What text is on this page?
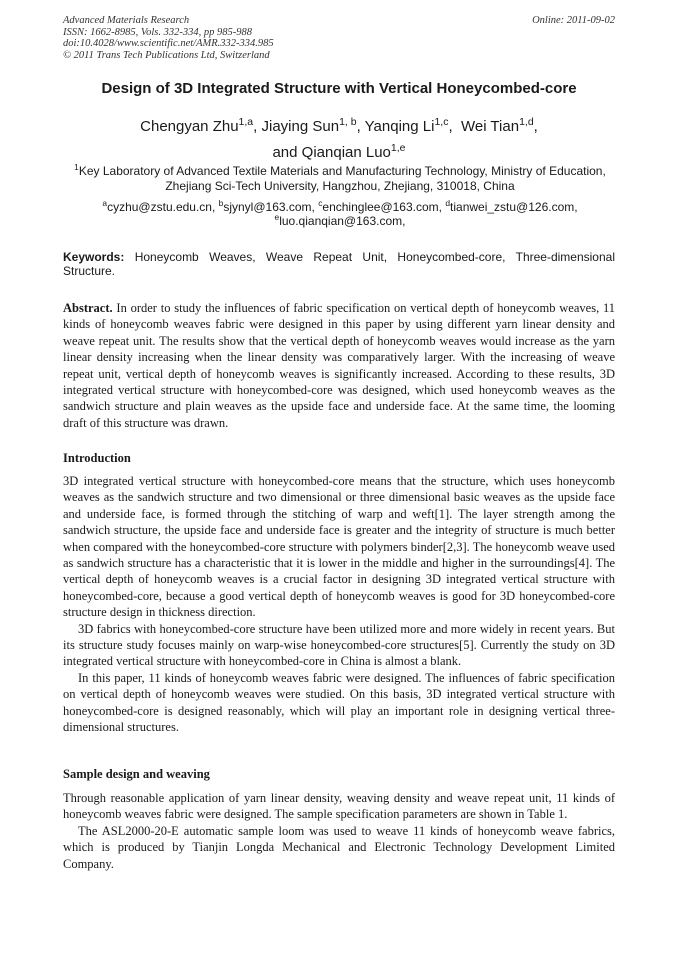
Advanced Materials Research
ISSN: 1662-8985, Vols. 332-334, pp 985-988
doi:10.4028/www.scientific.net/AMR.332-334.985
© 2011 Trans Tech Publications Ltd, Switzerland
Online: 2011-09-02
Design of 3D Integrated Structure with Vertical Honeycombed-core
Chengyan Zhu$^{1,a}$, Jiaying Sun$^{1, b}$, Yanqing Li$^{1,c}$,  Wei Tian$^{1,d}$,
and Qianqian Luo$^{1,e}$
$^1$Key Laboratory of Advanced Textile Materials and Manufacturing Technology, Ministry of Education,
Zhejiang Sci-Tech University, Hangzhou, Zhejiang, 310018, China
$^a$cyzhu@zstu.edu.cn, $^b$sjynyl@163.com, $^c$enchinglee@163.com, $^d$tianwei_zstu@126.com,
$^e$luo.qianqian@163.com,
Keywords: Honeycomb Weaves, Weave Repeat Unit, Honeycombed-core, Three-dimensional Structure.

Abstract. In order to study the influences of fabric specification on vertical depth of honeycomb weaves, 11 kinds of honeycomb weaves fabric were designed in this paper by using different yarn linear density and weave repeat unit. The results show that the vertical depth of honeycomb weaves would increase as the yarn linear density increasing when the linear density was comparatively larger. With the increasing of weave repeat unit, vertical depth of honeycomb weaves is significantly increased. According to these results, 3D integrated vertical structure with honeycombed-core was designed, which used honeycomb weaves as the sandwich structure and plain weaves as the upside face and underside face. At the same time, the looming draft of this structure was drawn.

Introduction

3D integrated vertical structure with honeycombed-core means that the structure, which uses honeycomb weaves as the sandwich structure and two dimensional or three dimensional basic weaves as the upside face and underside face, is formed through the stitching of warp and weft[1]. The layer strength among the sandwich structure, the upside face and underside face is greater and the integrity of structure is much better when compared with the honeycombed-core structure with polymers binder[2,3]. The honeycomb weave used as sandwich structure has a characteristic that it is lower in the middle and higher in the surroundings[4]. The vertical depth of honeycomb weaves is a crucial factor in designing 3D integrated vertical structure with honeycombed-core, because a good vertical depth of honeycomb weaves is good for 3D honeycombed-core structure design in thickness direction.

3D fabrics with honeycombed-core structure have been utilized more and more widely in recent years. But its structure study focuses mainly on warp-wise honeycombed-core structures[5]. Currently the study on 3D integrated vertical structure with honeycombed-core in China is almost a blank.

In this paper, 11 kinds of honeycomb weaves fabric were designed. The influences of fabric specification on vertical depth of honeycomb weaves were studied. On this basis, 3D integrated vertical structure with honeycombed-core is designed reasonably, which will play an important role in designing vertical three-dimensional structures.

Sample design and weaving

Through reasonable application of yarn linear density, weaving density and weave repeat unit, 11 kinds of honeycomb weaves fabric were designed. The sample specification parameters are shown in Table 1.

The ASL2000-20-E automatic sample loom was used to weave 11 kinds of honeycomb weave fabrics, which is produced by Tianjin Longda Mechanical and Electronic Technology Development Limited Company.
